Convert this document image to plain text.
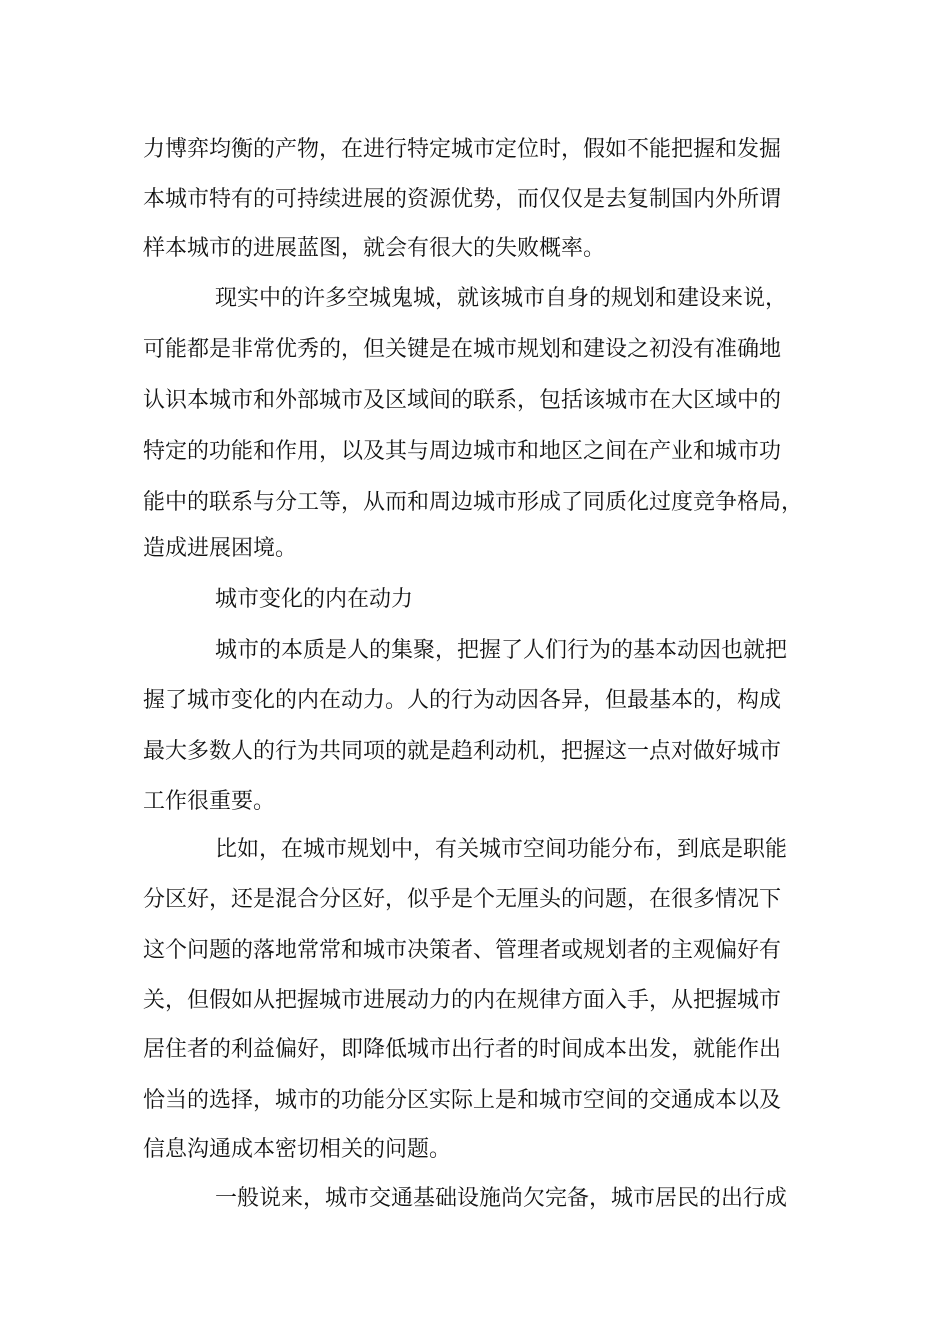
力博弈均衡的产物，在进行特定城市定位时，假如不能把握和发掘

本城市特有的可持续进展的资源优势，而仅仅是去复制国内外所谓

样本城市的进展蓝图，就会有很大的失败概率。

现实中的许多空城鬼城，就该城市自身的规划和建设来说，

可能都是非常优秀的，但关键是在城市规划和建设之初没有准确地

认识本城市和外部城市及区域间的联系，包括该城市在大区域中的

特定的功能和作用，以及其与周边城市和地区之间在产业和城市功

能中的联系与分工等，从而和周边城市形成了同质化过度竞争格局，

造成进展困境。

城市变化的内在动力

城市的本质是人的集聚，把握了人们行为的基本动因也就把

握了城市变化的内在动力。人的行为动因各异，但最基本的，构成

最大多数人的行为共同项的就是趋利动机，把握这一点对做好城市

工作很重要。

比如，在城市规划中，有关城市空间功能分布，到底是职能

分区好，还是混合分区好，似乎是个无厘头的问题，在很多情况下

这个问题的落地常常和城市决策者、管理者或规划者的主观偏好有

关，但假如从把握城市进展动力的内在规律方面入手，从把握城市

居住者的利益偏好，即降低城市出行者的时间成本出发，就能作出

恰当的选择，城市的功能分区实际上是和城市空间的交通成本以及

信息沟通成本密切相关的问题。

一般说来，城市交通基础设施尚欠完备，城市居民的出行成
